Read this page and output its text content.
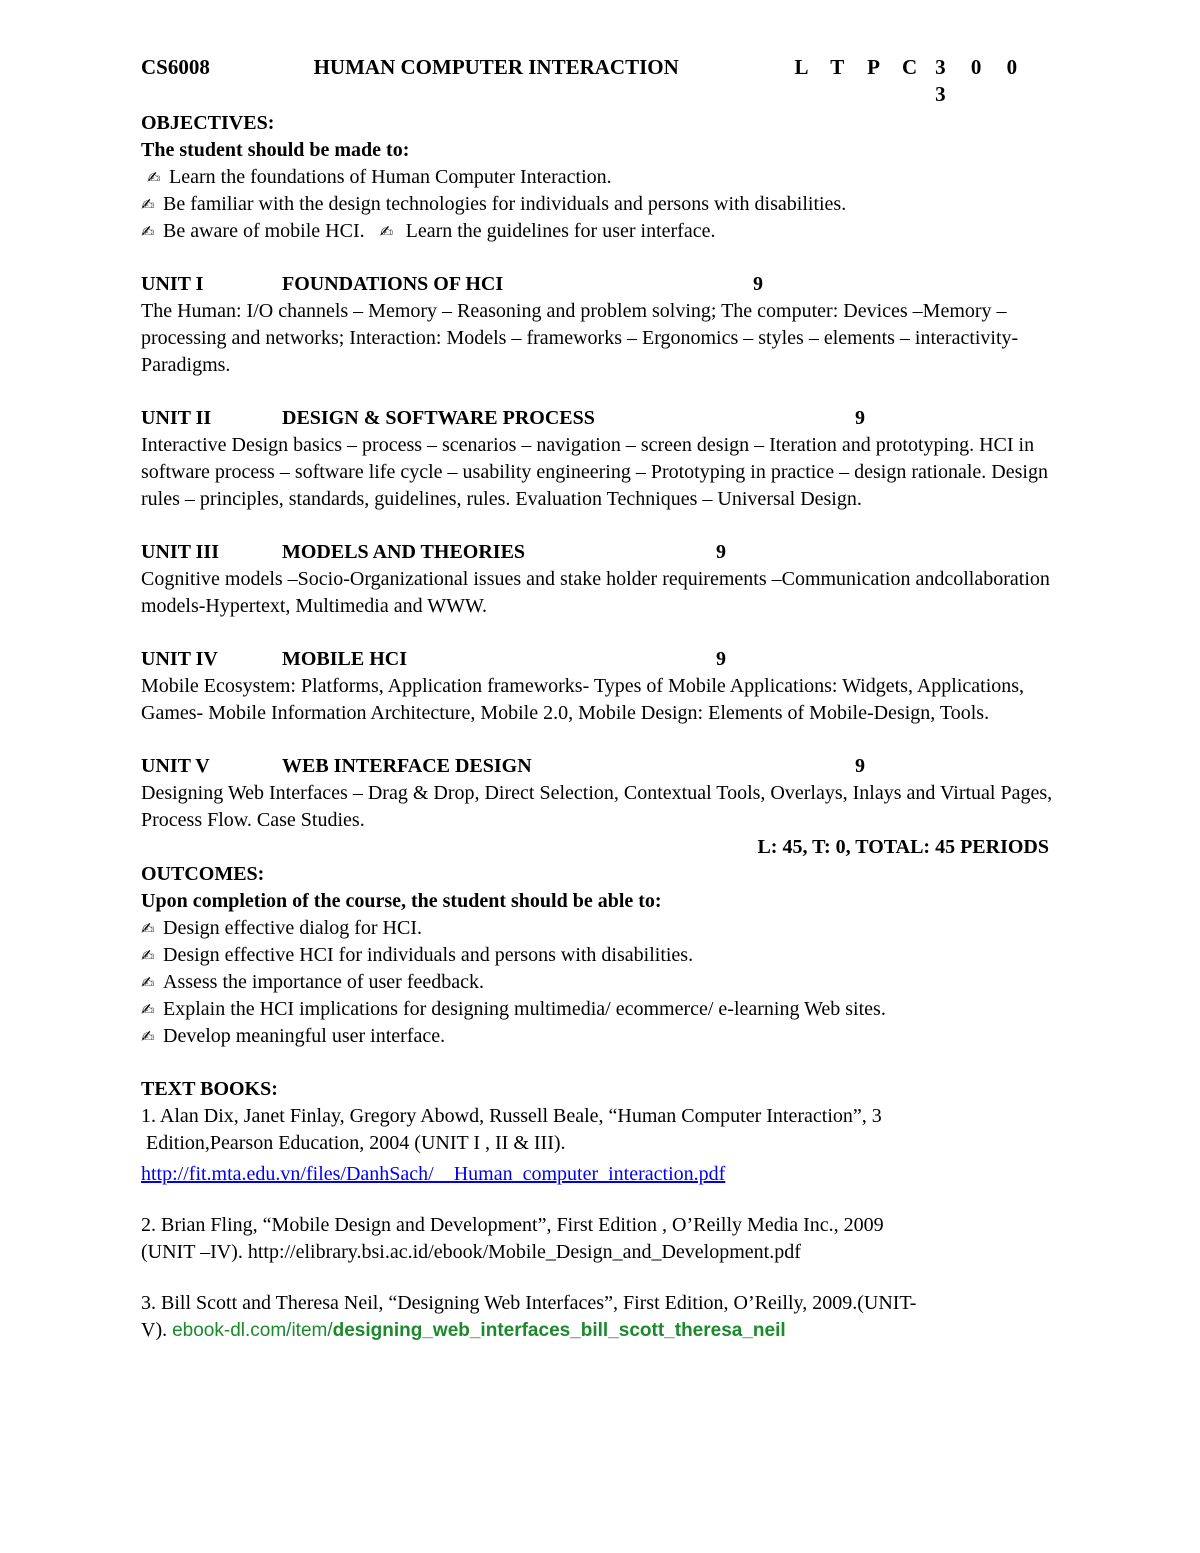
CS6008	HUMAN COMPUTER INTERACTION	L T P C 3 0 0 3
OBJECTIVES:
The student should be made to:
✍ Learn the foundations of Human Computer Interaction.
✍ Be familiar with the design technologies for individuals and persons with disabilities.
✍ Be aware of mobile HCI. ✍ Learn the guidelines for user interface.
UNIT I	FOUNDATIONS OF HCI	9

The Human: I/O channels – Memory – Reasoning and problem solving; The computer: Devices –Memory – processing and networks; Interaction: Models – frameworks – Ergonomics – styles – elements – interactivity- Paradigms.

UNIT II	DESIGN & SOFTWARE PROCESS	9

Interactive Design basics – process – scenarios – navigation – screen design – Iteration and prototyping. HCI in software process – software life cycle – usability engineering – Prototyping in practice – design rationale. Design rules – principles, standards, guidelines, rules. Evaluation Techniques – Universal Design.

UNIT III	MODELS AND THEORIES	9

Cognitive models –Socio-Organizational issues and stake holder requirements –Communication andcollaboration models-Hypertext, Multimedia and WWW.

UNIT IV	MOBILE HCI	9

Mobile Ecosystem: Platforms, Application frameworks- Types of Mobile Applications: Widgets, Applications, Games- Mobile Information Architecture, Mobile 2.0, Mobile Design: Elements of Mobile-Design, Tools.

UNIT V	WEB INTERFACE DESIGN	9

Designing Web Interfaces – Drag & Drop, Direct Selection, Contextual Tools, Overlays, Inlays and Virtual Pages, Process Flow. Case Studies.

L: 45, T: 0, TOTAL: 45 PERIODS
OUTCOMES:
Upon completion of the course, the student should be able to:
✍ Design effective dialog for HCI.
✍ Design effective HCI for individuals and persons with disabilities.
✍ Assess the importance of user feedback.
✍ Explain the HCI implications for designing multimedia/ ecommerce/ e-learning Web sites.
✍ Develop meaningful user interface.
TEXT BOOKS:
1. Alan Dix, Janet Finlay, Gregory Abowd, Russell Beale, “Human Computer Interaction”, 3
Edition,Pearson Education, 2004 (UNIT I , II & III).
http://fit.mta.edu.vn/files/DanhSach/__Human_computer_interaction.pdf
2. Brian Fling, “Mobile Design and Development”, First Edition , O’Reilly Media Inc., 2009
(UNIT –IV). http://elibrary.bsi.ac.id/ebook/Mobile_Design_and_Development.pdf
3. Bill Scott and Theresa Neil, “Designing Web Interfaces”, First Edition, O’Reilly, 2009.(UNIT-
V). ebook-dl.com/item/designing_web_interfaces_bill_scott_theresa_neil
